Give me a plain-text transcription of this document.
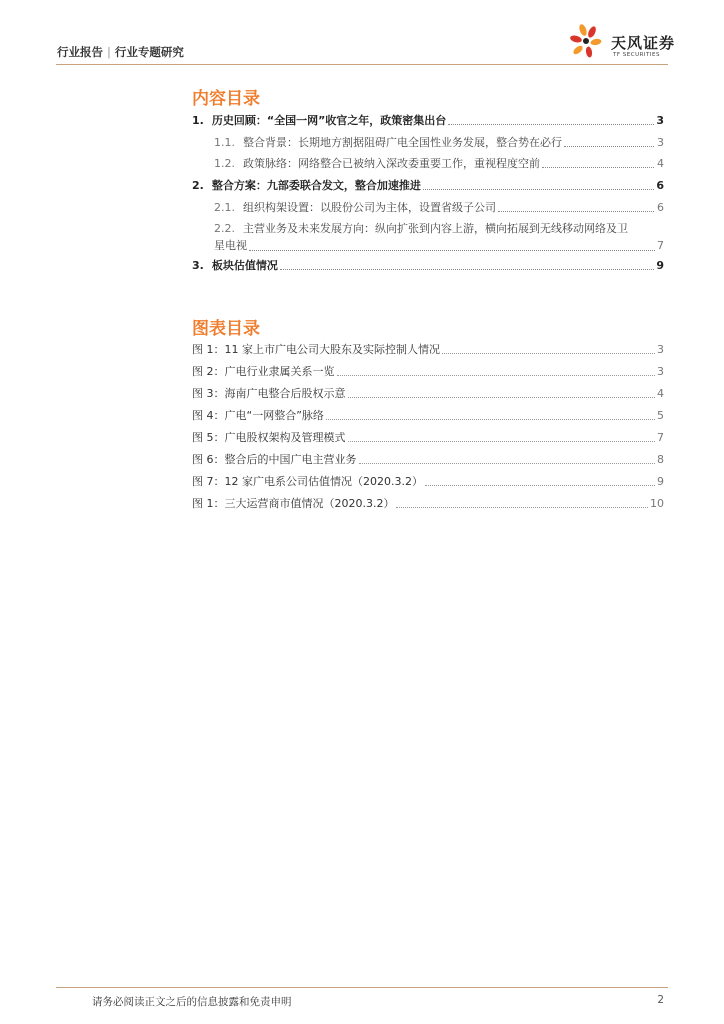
行业报告 | 行业专题研究	天风证券
TF SECURITIES
内容目录
1. 历史回顾：“全国一网”收官之年，政策密集出台	3
1.1. 整合背景：长期地方割据阻碍广电全国性业务发展，整合势在必行	3
1.2. 政策脉络：网络整合已被纳入深改委重要工作，重视程度空前	4
2. 整合方案：九部委联合发文，整合加速推进	6
2.1. 组织构架设置：以股份公司为主体，设置省级子公司	6
2.2. 主营业务及未来发展方向：纵向扩张到内容上游，横向拓展到无线移动网络及卫
星电视	7
3. 板块估值情况	9
图表目录
图 1：11 家上市广电公司大股东及实际控制人情况	3
图 2：广电行业隶属关系一览	3
图 3：海南广电整合后股权示意	4
图 4：广电“一网整合”脉络	5
图 5：广电股权架构及管理模式	7
图 6：整合后的中国广电主营业务	8
图 7：12 家广电系公司估值情况（2020.3.2）	9
图 1：三大运营商市值情况（2020.3.2）	10
请务必阅读正文之后的信息披露和免责申明	2
